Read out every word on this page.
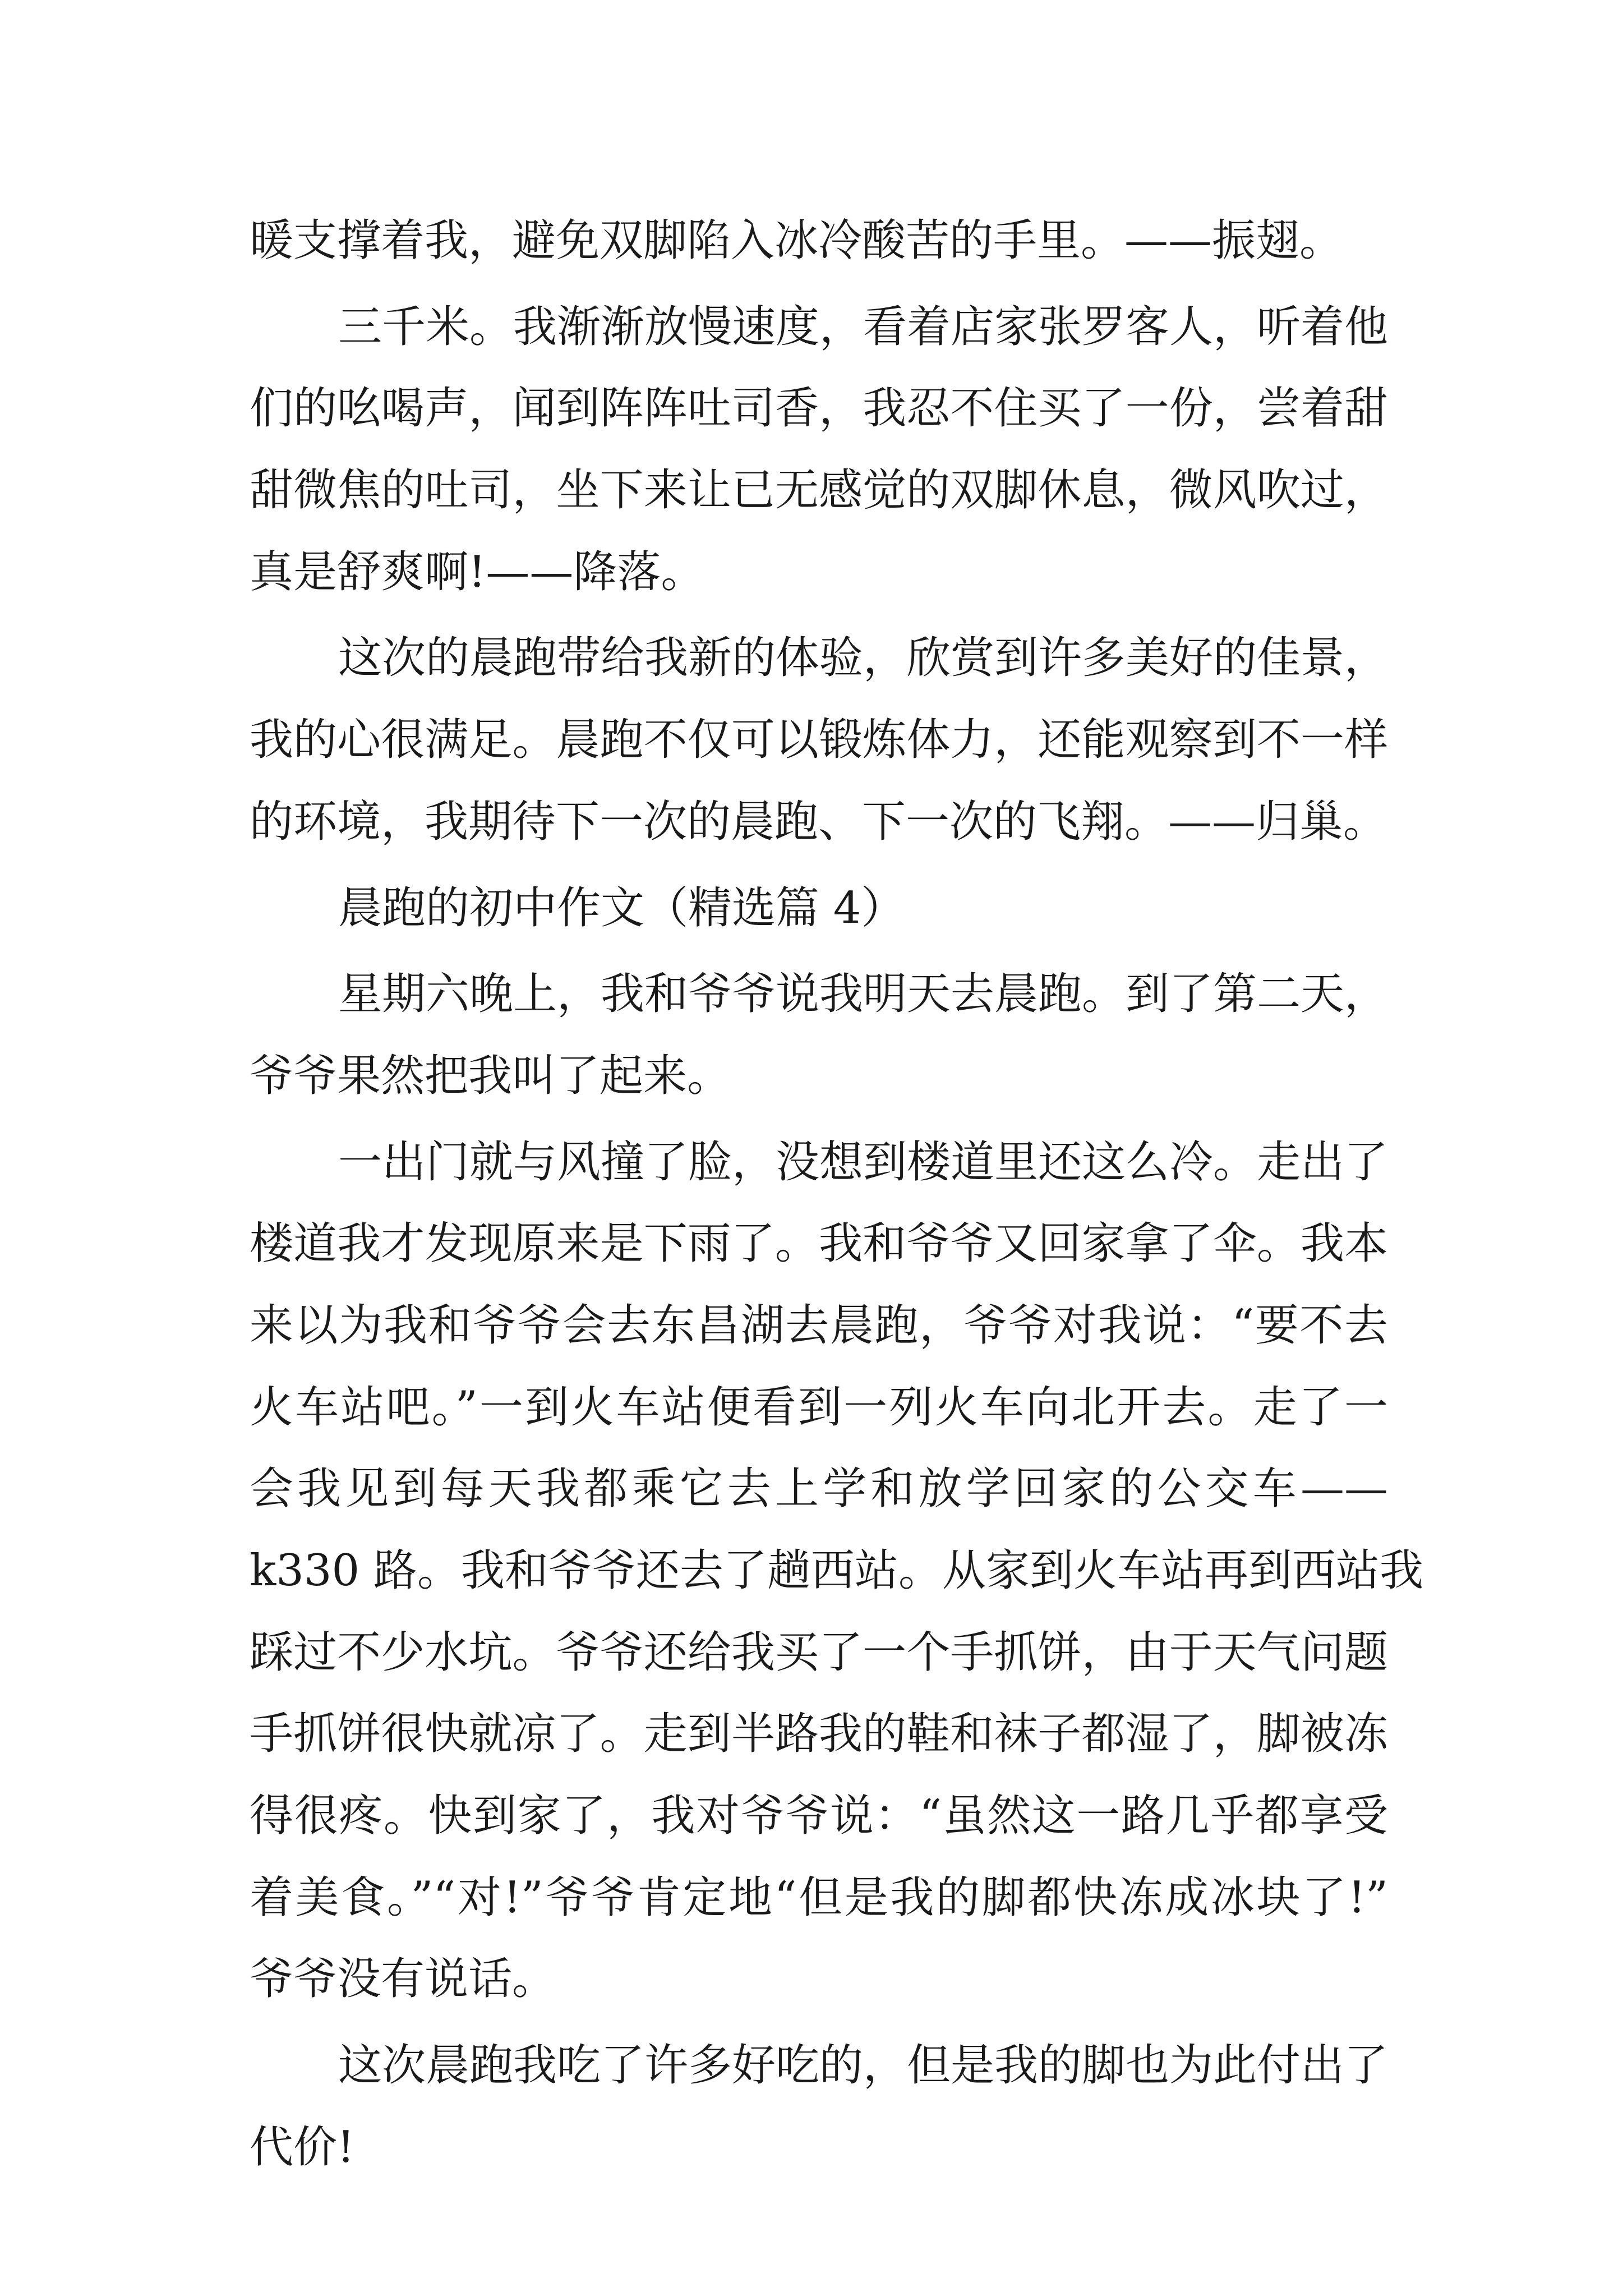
暖支撑着我，避免双脚陷入冰冷酸苦的手里。——振翅。
三千米。我渐渐放慢速度，看着店家张罗客人，听着他
们的吆喝声，闻到阵阵吐司香，我忍不住买了一份，尝着甜
甜微焦的吐司，坐下来让已无感觉的双脚休息，微风吹过，
真是舒爽啊!——降落。
这次的晨跑带给我新的体验，欣赏到许多美好的佳景，
我的心很满足。晨跑不仅可以锻炼体力，还能观察到不一样
的环境，我期待下一次的晨跑、下一次的飞翔。——归巢。
晨跑的初中作文（精选篇 4）
星期六晚上，我和爷爷说我明天去晨跑。到了第二天，
爷爷果然把我叫了起来。
一出门就与风撞了脸，没想到楼道里还这么冷。走出了
楼道我才发现原来是下雨了。我和爷爷又回家拿了伞。我本
来以为我和爷爷会去东昌湖去晨跑，爷爷对我说：“要不去
火车站吧。”一到火车站便看到一列火车向北开去。走了一
会我见到每天我都乘它去上学和放学回家的公交车——
k330 路。我和爷爷还去了趟西站。从家到火车站再到西站我
踩过不少水坑。爷爷还给我买了一个手抓饼，由于天气问题
手抓饼很快就凉了。走到半路我的鞋和袜子都湿了，脚被冻
得很疼。快到家了，我对爷爷说：“虽然这一路几乎都享受
着美食。”“对!”爷爷肯定地“但是我的脚都快冻成冰块了!”
爷爷没有说话。
这次晨跑我吃了许多好吃的，但是我的脚也为此付出了
代价!
